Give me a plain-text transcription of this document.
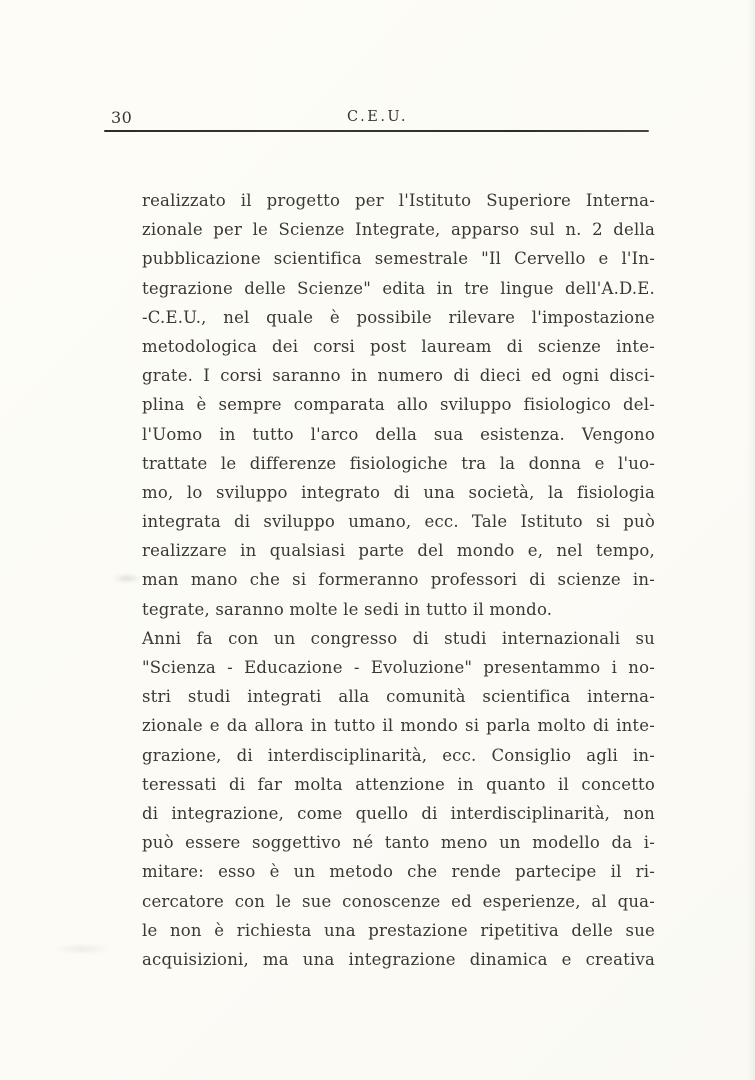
30	C.E.U.
realizzato il progetto per l'Istituto Superiore Interna-
zionale per le Scienze Integrate, apparso sul n. 2 della
pubblicazione scientifica semestrale "Il Cervello e l'In-
tegrazione delle Scienze" edita in tre lingue dell'A.D.E.
-C.E.U., nel quale è possibile rilevare l'impostazione
metodologica dei corsi post lauream di scienze inte-
grate. I corsi saranno in numero di dieci ed ogni disci-
plina è sempre comparata allo sviluppo fisiologico del-
l'Uomo in tutto l'arco della sua esistenza. Vengono
trattate le differenze fisiologiche tra la donna e l'uo-
mo, lo sviluppo integrato di una società, la fisiologia
integrata di sviluppo umano, ecc. Tale Istituto si può
realizzare in qualsiasi parte del mondo e, nel tempo,
man mano che si formeranno professori di scienze in-
tegrate, saranno molte le sedi in tutto il mondo.
Anni fa con un congresso di studi internazionali su
"Scienza - Educazione - Evoluzione" presentammo i no-
stri studi integrati alla comunità scientifica interna-
zionale e da allora in tutto il mondo si parla molto di inte-
grazione, di interdisciplinarità, ecc. Consiglio agli in-
teressati di far molta attenzione in quanto il concetto
di integrazione, come quello di interdisciplinarità, non
può essere soggettivo né tanto meno un modello da i-
mitare: esso è un metodo che rende partecipe il ri-
cercatore con le sue conoscenze ed esperienze, al qua-
le non è richiesta una prestazione ripetitiva delle sue
acquisizioni, ma una integrazione dinamica e creativa
